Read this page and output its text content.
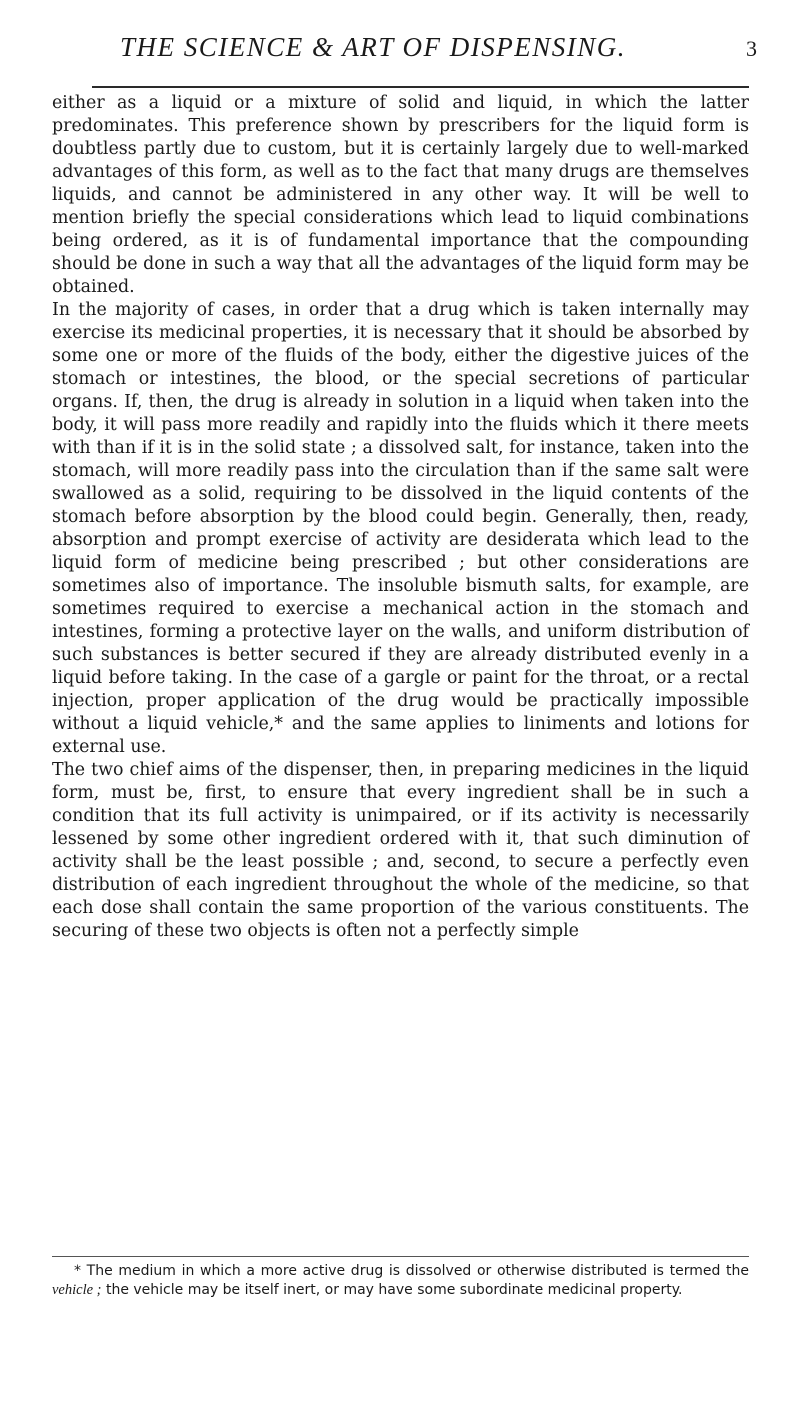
THE SCIENCE & ART OF DISPENSING.	3

either as a liquid or a mixture of solid and liquid, in which the latter predominates. This preference shown by prescribers for the liquid form is doubtless partly due to custom, but it is certainly largely due to well-marked advantages of this form, as well as to the fact that many drugs are themselves liquids, and cannot be administered in any other way. It will be well to mention briefly the special considerations which lead to liquid combinations being ordered, as it is of fundamental importance that the compounding should be done in such a way that all the advantages of the liquid form may be obtained.

In the majority of cases, in order that a drug which is taken internally may exercise its medicinal properties, it is necessary that it should be absorbed by some one or more of the fluids of the body, either the digestive juices of the stomach or intestines, the blood, or the special secretions of particular organs. If, then, the drug is already in solution in a liquid when taken into the body, it will pass more readily and rapidly into the fluids which it there meets with than if it is in the solid state ; a dissolved salt, for instance, taken into the stomach, will more readily pass into the circulation than if the same salt were swallowed as a solid, requiring to be dissolved in the liquid contents of the stomach before absorption by the blood could begin. Generally, then, ready, absorption and prompt exercise of activity are desiderata which lead to the liquid form of medicine being prescribed ; but other considerations are sometimes also of importance. The insoluble bismuth salts, for example, are sometimes required to exercise a mechanical action in the stomach and intestines, forming a protective layer on the walls, and uniform distribution of such substances is better secured if they are already distributed evenly in a liquid before taking. In the case of a gargle or paint for the throat, or a rectal injection, proper application of the drug would be practically impossible without a liquid vehicle,* and the same applies to liniments and lotions for external use.

The two chief aims of the dispenser, then, in preparing medicines in the liquid form, must be, first, to ensure that every ingredient shall be in such a condition that its full activity is unimpaired, or if its activity is necessarily lessened by some other ingredient ordered with it, that such diminution of activity shall be the least possible ; and, second, to secure a perfectly even distribution of each ingredient throughout the whole of the medicine, so that each dose shall contain the same proportion of the various constituents. The securing of these two objects is often not a perfectly simple

* The medium in which a more active drug is dissolved or otherwise distributed is termed the vehicle ; the vehicle may be itself inert, or may have some subordinate medicinal property.
